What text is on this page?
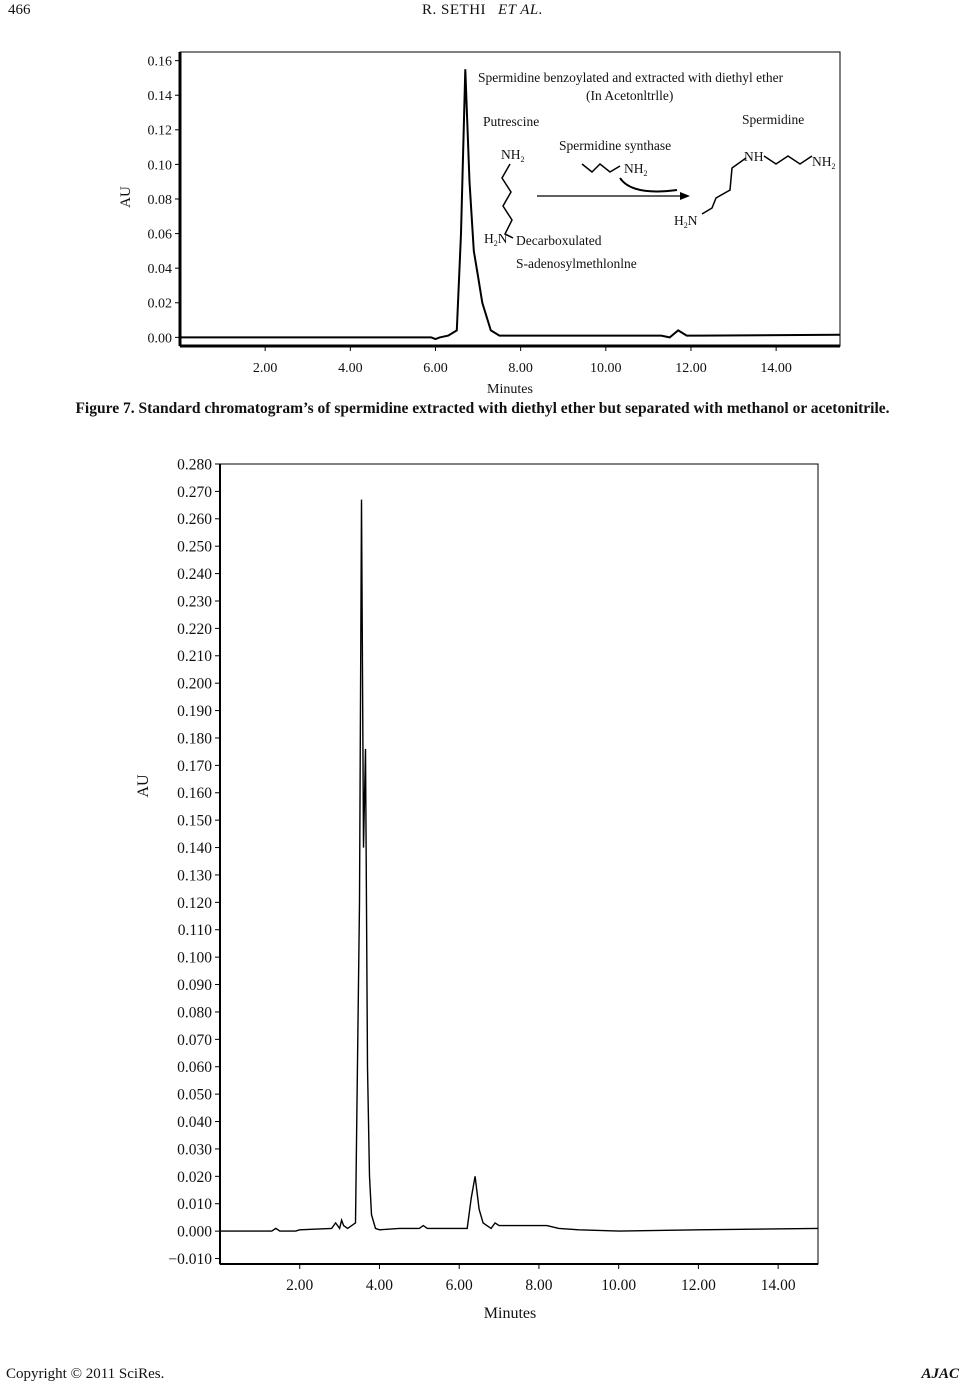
466	R. SETHI ET AL.
0.00
0.02
0.04
0.06
0.08
0.10
0.12
0.14
0.16
2.00	4.00	6.00	8.00	10.00	12.00	14.00
AU
Minutes
Spermidine benzoylated and extracted with diethyl ether
(In Acetonltrlle)
Putrescine	Spermidine
Spermidine synthase
$NH_2$
$H_2N$
$NH_2$
Decarboxulated
S-adenosylmethlonlne
NH	$NH_2$
$H_2N$
Figure 7. Standard chromatogram’s of spermidine extracted with diethyl ether but separated with methanol or acetonitrile.
−0.010
0.000
0.010
0.020
0.030
0.040
0.050
0.060
0.070
0.080
0.090
0.100
0.110
0.120
0.130
0.140
0.150
0.160
0.170
0.180
0.190
0.200
0.210
0.220
0.230
0.240
0.250
0.260
0.270
0.280
2.00	4.00	6.00	8.00	10.00	12.00	14.00
AU
Minutes
Copyright © 2011 SciRes.	AJAC
